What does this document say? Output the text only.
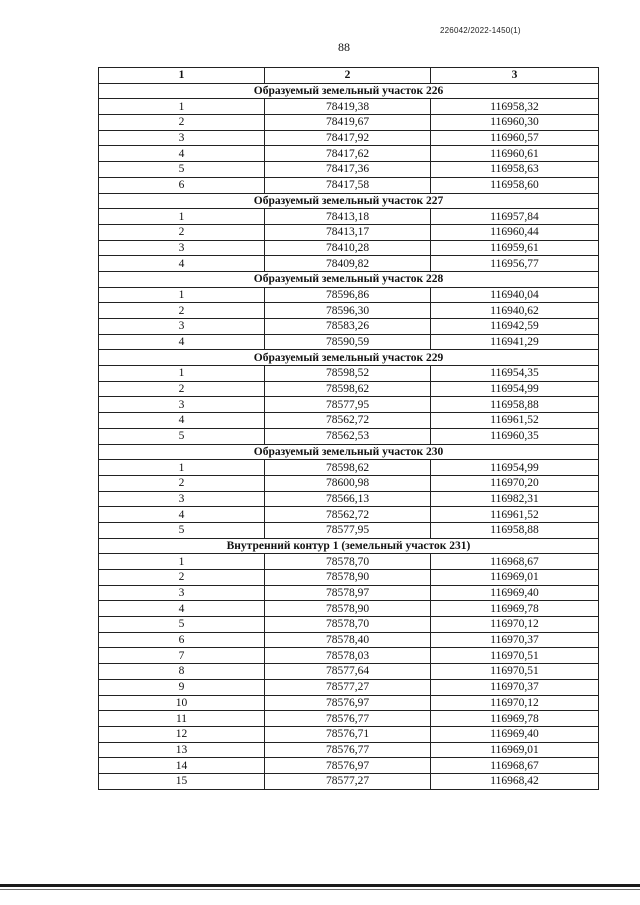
226042/2022-1450(1)
88
1	2	3
Образуемый земельный участок 226		
1	78419,38	116958,32
2	78419,67	116960,30
3	78417,92	116960,57
4	78417,62	116960,61
5	78417,36	116958,63
6	78417,58	116958,60
Образуемый земельный участок 227		
1	78413,18	116957,84
2	78413,17	116960,44
3	78410,28	116959,61
4	78409,82	116956,77
Образуемый земельный участок 228		
1	78596,86	116940,04
2	78596,30	116940,62
3	78583,26	116942,59
4	78590,59	116941,29
Образуемый земельный участок 229		
1	78598,52	116954,35
2	78598,62	116954,99
3	78577,95	116958,88
4	78562,72	116961,52
5	78562,53	116960,35
Образуемый земельный участок 230		
1	78598,62	116954,99
2	78600,98	116970,20
3	78566,13	116982,31
4	78562,72	116961,52
5	78577,95	116958,88
Внутренний контур 1 (земельный участок 231)		
1	78578,70	116968,67
2	78578,90	116969,01
3	78578,97	116969,40
4	78578,90	116969,78
5	78578,70	116970,12
6	78578,40	116970,37
7	78578,03	116970,51
8	78577,64	116970,51
9	78577,27	116970,37
10	78576,97	116970,12
11	78576,77	116969,78
12	78576,71	116969,40
13	78576,77	116969,01
14	78576,97	116968,67
15	78577,27	116968,42
